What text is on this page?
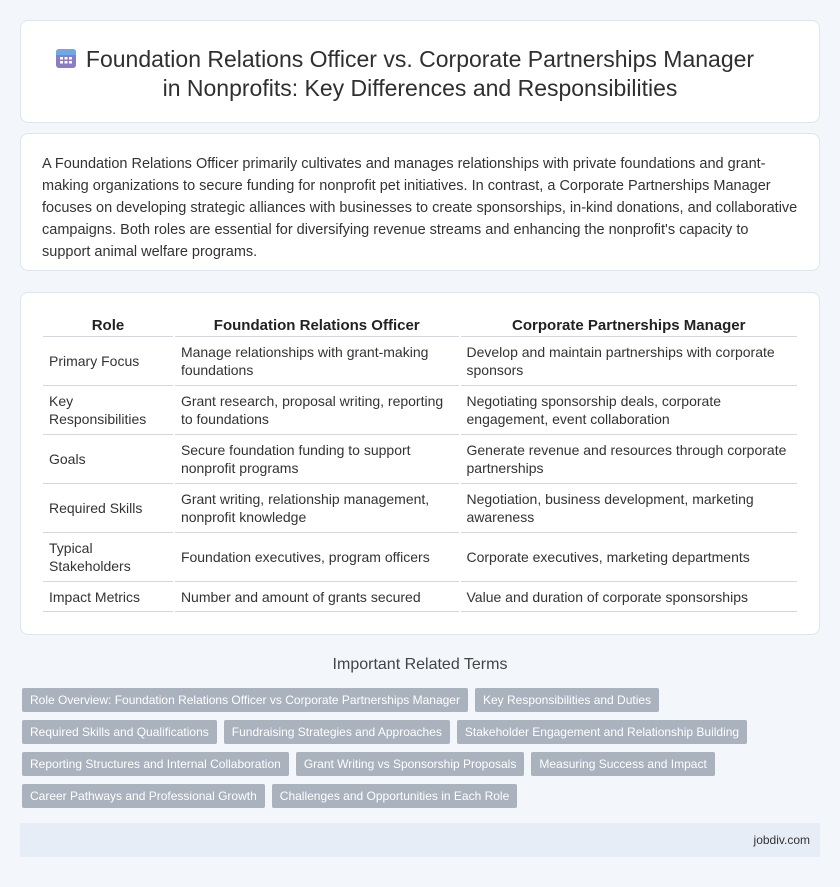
Foundation Relations Officer vs. Corporate Partnerships Manager
in Nonprofits: Key Differences and Responsibilities

A Foundation Relations Officer primarily cultivates and manages relationships with private foundations and grant-making organizations to secure funding for nonprofit pet initiatives. In contrast, a Corporate Partnerships Manager focuses on developing strategic alliances with businesses to create sponsorships, in-kind donations, and collaborative campaigns. Both roles are essential for diversifying revenue streams and enhancing the nonprofit's capacity to support animal welfare programs.

Role	Foundation Relations Officer	Corporate Partnerships Manager
Primary Focus	Manage relationships with grant-making foundations	Develop and maintain partnerships with corporate sponsors
Key Responsibilities	Grant research, proposal writing, reporting to foundations	Negotiating sponsorship deals, corporate engagement, event collaboration
Goals	Secure foundation funding to support nonprofit programs	Generate revenue and resources through corporate partnerships
Required Skills	Grant writing, relationship management, nonprofit knowledge	Negotiation, business development, marketing awareness
Typical Stakeholders	Foundation executives, program officers	Corporate executives, marketing departments
Impact Metrics	Number and amount of grants secured	Value and duration of corporate sponsorships
Important Related Terms
Role Overview: Foundation Relations Officer vs Corporate Partnerships Manager	Key Responsibilities and Duties
Required Skills and Qualifications	Fundraising Strategies and Approaches	Stakeholder Engagement and Relationship Building
Reporting Structures and Internal Collaboration	Grant Writing vs Sponsorship Proposals	Measuring Success and Impact
Career Pathways and Professional Growth	Challenges and Opportunities in Each Role
jobdiv.com
